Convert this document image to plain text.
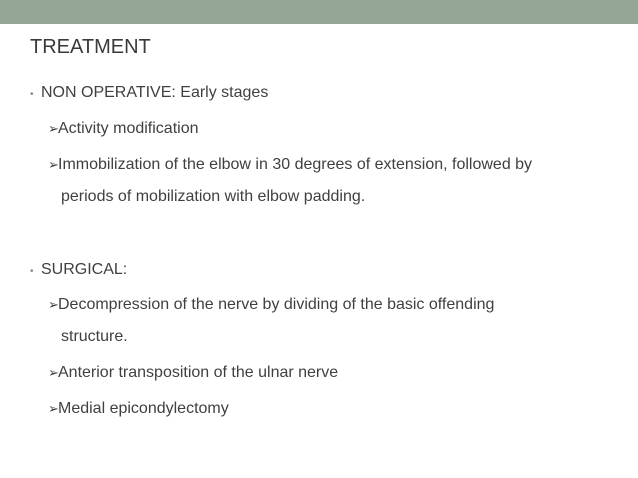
TREATMENT
• NON OPERATIVE: Early stages
➢Activity modification
➢Immobilization of the elbow in 30 degrees of extension, followed by
periods of mobilization with elbow padding.
• SURGICAL:
➢Decompression of the nerve by dividing of the basic offending
structure.
➢Anterior transposition of the ulnar nerve
➢Medial epicondylectomy
